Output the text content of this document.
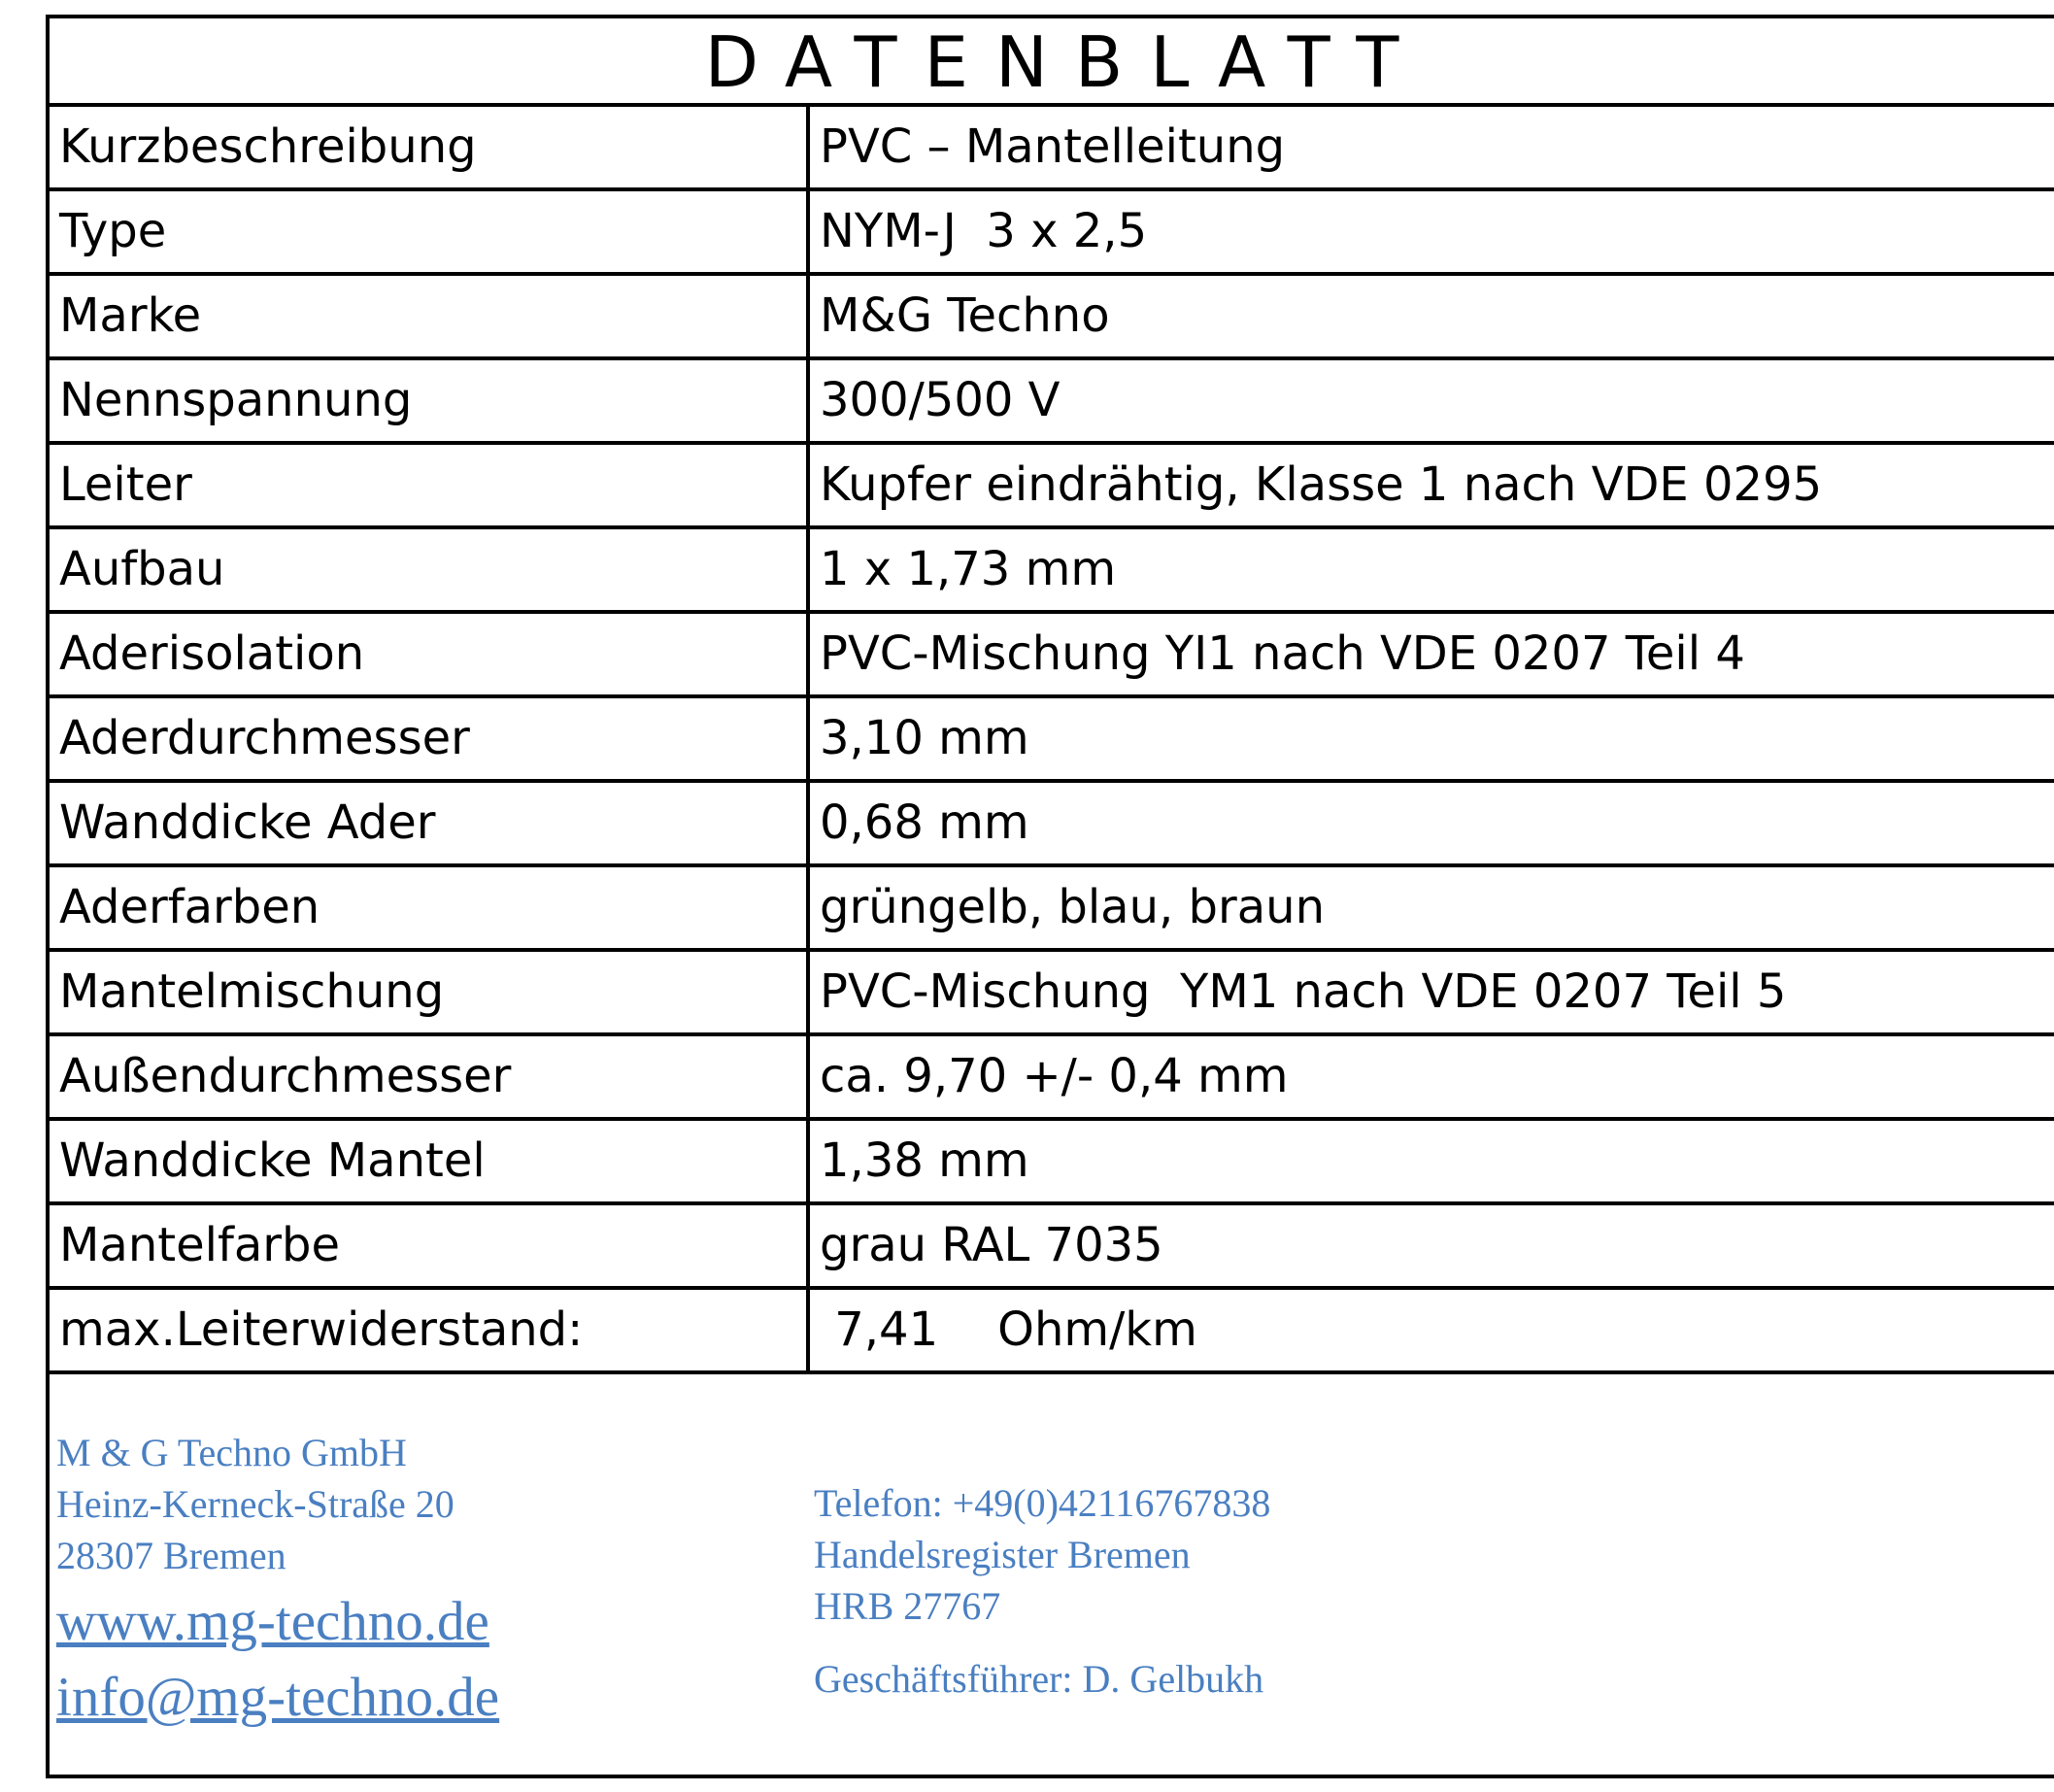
DATENBLATT
Kurzbeschreibung	PVC – Mantelleitung
Type	NYM-J  3 x 2,5
Marke	M&G Techno
Nennspannung	300/500 V
Leiter	Kupfer eindrähtig, Klasse 1 nach VDE 0295
Aufbau	1 x 1,73 mm
Aderisolation	PVC-Mischung YI1 nach VDE 0207 Teil 4
Aderdurchmesser	3,10 mm
Wanddicke Ader	0,68 mm
Aderfarben	grüngelb, blau, braun
Mantelmischung	PVC-Mischung  YM1 nach VDE 0207 Teil 5
Außendurchmesser	ca. 9,70 +/- 0,4 mm
Wanddicke Mantel	1,38 mm
Mantelfarbe	grau RAL 7035
max.Leiterwiderstand:	7,41    Ohm/km
M & G Techno GmbH
Heinz-Kerneck-Straße 20
28307 Bremen
www.mg-techno.de
info@mg-techno.de
Telefon: +49(0)42116767838
Handelsregister Bremen
HRB 27767
Geschäftsführer: D. Gelbukh
